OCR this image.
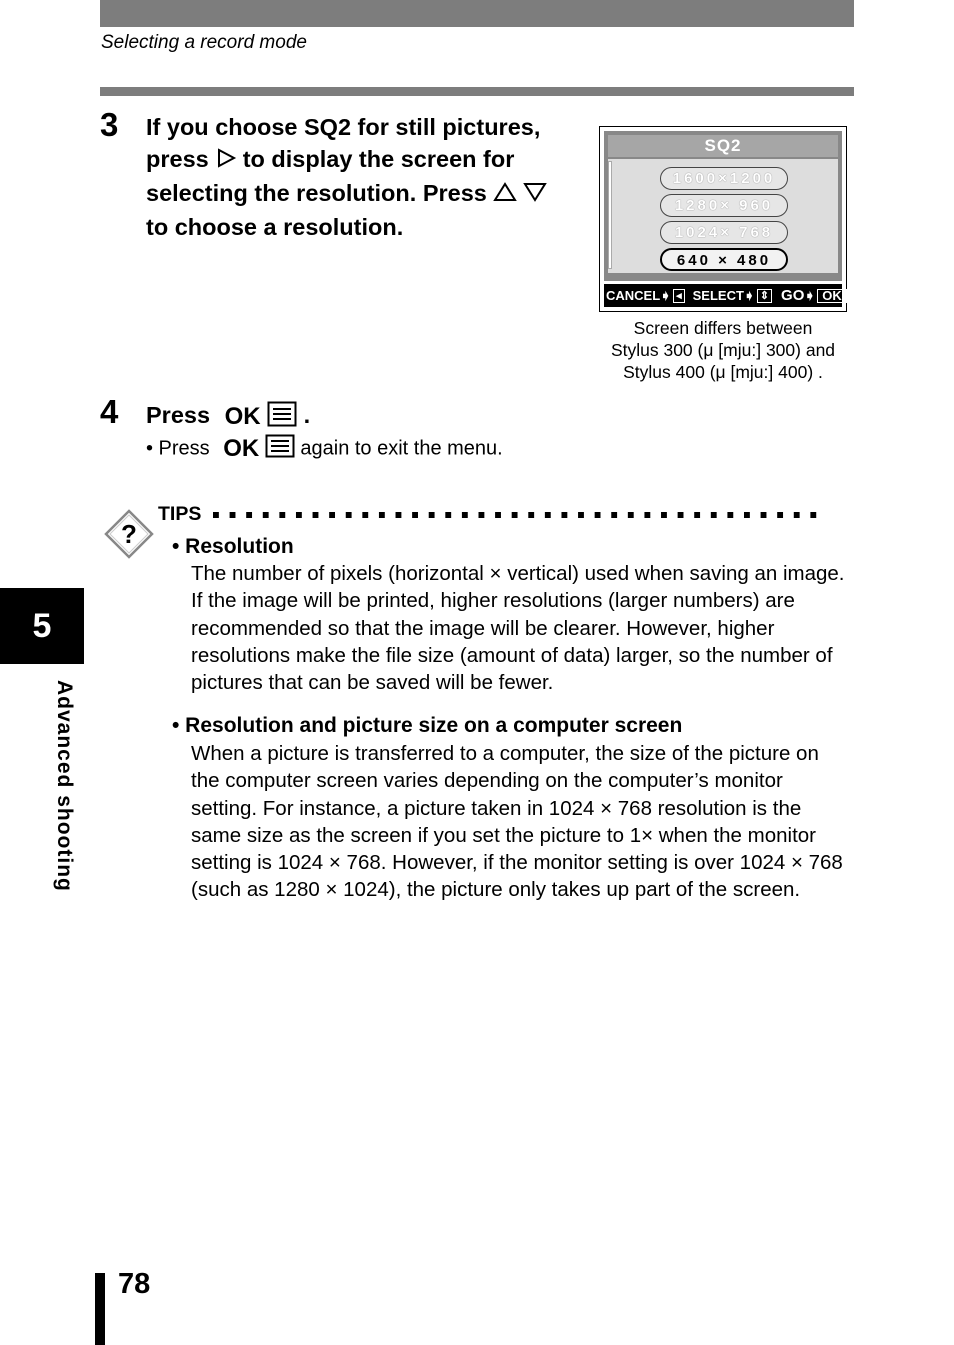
Selecting a record mode
3 If you choose SQ2 for still pictures,
press to display the screen for
selecting the resolution. Press
to choose a resolution.
SQ2
1600×1200
1280× 960
1024× 768
640 × 480
CANCEL ➧ ◂ SELECT ➧ ⇕ GO ➧ OK
Screen differs between
Stylus 300 (μ [mju:] 300) and
Stylus 400 (μ [mju:] 400) .
4 Press OK .
• Press OK again to exit the menu.
?
TIPS
• Resolution
The number of pixels (horizontal × vertical) used when saving an image. If the image will be printed, higher resolutions (larger numbers) are recommended so that the image will be clearer. However, higher resolutions make the file size (amount of data) larger, so the number of pictures that can be saved will be fewer.
• Resolution and picture size on a computer screen
When a picture is transferred to a computer, the size of the picture on the computer screen varies depending on the computer’s monitor setting. For instance, a picture taken in 1024 × 768 resolution is the same size as the screen if you set the picture to 1× when the monitor setting is 1024 × 768. However, if the monitor setting is over 1024 × 768 (such as 1280 × 1024), the picture only takes up part of the screen.
5
Advanced shooting
78
